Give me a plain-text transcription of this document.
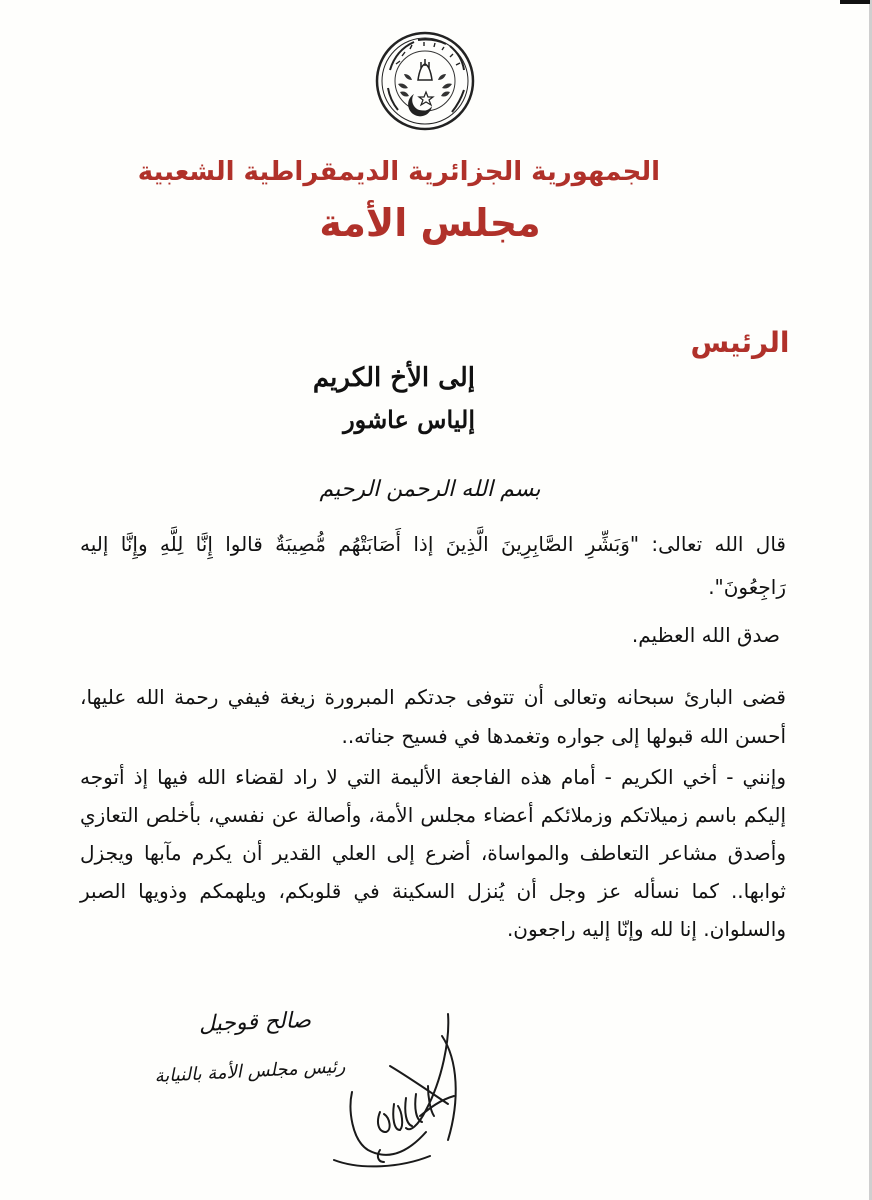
الجمهورية الجزائرية الديمقراطية الشعبية
مجلس الأمة
الرئيس
إلى الأخ الكريم
إلياس عاشور
بسم الله الرحمن الرحيم

قال الله تعالى: "وَبَشِّرِ الصَّابِرِينَ الَّذِينَ إذا أَصَابَتْهُم مُّصِيبَةٌ قالوا إِنَّا لِلَّهِ وإِنَّا إليه رَاجِعُونَ".

صدق الله العظيم.

قضى البارئ سبحانه وتعالى أن تتوفى جدتكم المبرورة زيغة فيفي رحمة الله عليها، أحسن الله قبولها إلى جواره وتغمدها في فسيح جناته..

وإنني - أخي الكريم - أمام هذه الفاجعة الأليمة التي لا راد لقضاء الله فيها إذ أتوجه إليكم باسم زميلاتكم وزملائكم أعضاء مجلس الأمة، وأصالة عن نفسي، بأخلص التعازي وأصدق مشاعر التعاطف والمواساة، أضرع إلى العلي القدير أن يكرم مآبها ويجزل ثوابها.. كما نسأله عز وجل أن يُنزل السكينة في قلوبكم، ويلهمكم وذويها الصبر والسلوان. إنا لله وإنّا إليه راجعون.

صالح قوجيل
رئيس مجلس الأمة بالنيابة
